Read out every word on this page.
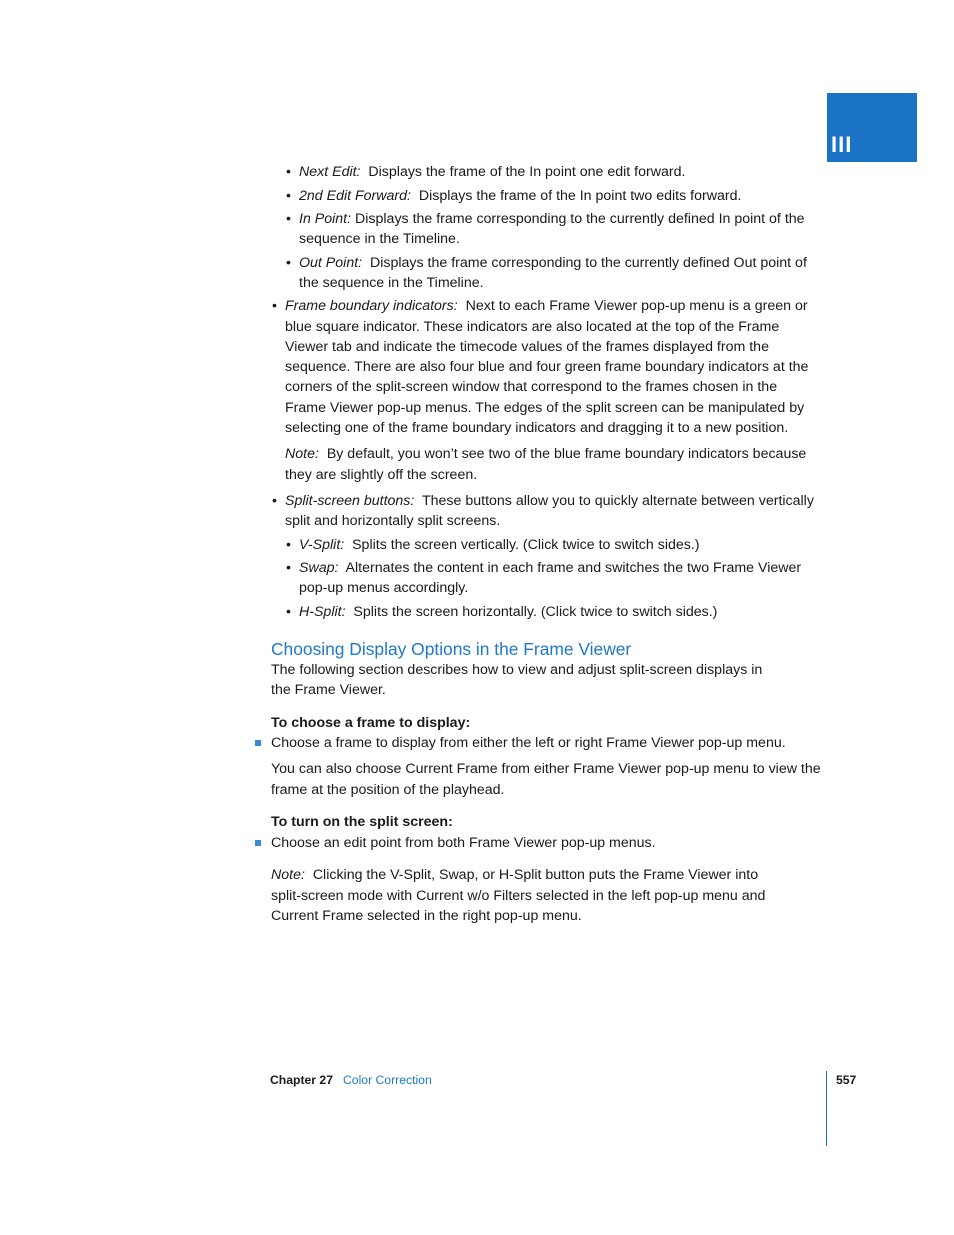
III
• Next Edit: Displays the frame of the In point one edit forward.
• 2nd Edit Forward: Displays the frame of the In point two edits forward.
• In Point: Displays the frame corresponding to the currently defined In point of the
sequence in the Timeline.
• Out Point: Displays the frame corresponding to the currently defined Out point of
the sequence in the Timeline.
• Frame boundary indicators: Next to each Frame Viewer pop-up menu is a green or
blue square indicator. These indicators are also located at the top of the Frame
Viewer tab and indicate the timecode values of the frames displayed from the
sequence. There are also four blue and four green frame boundary indicators at the
corners of the split-screen window that correspond to the frames chosen in the
Frame Viewer pop-up menus. The edges of the split screen can be manipulated by
selecting one of the frame boundary indicators and dragging it to a new position.
Note: By default, you won’t see two of the blue frame boundary indicators because
they are slightly off the screen.
• Split-screen buttons: These buttons allow you to quickly alternate between vertically
split and horizontally split screens.
• V-Split: Splits the screen vertically. (Click twice to switch sides.)
• Swap: Alternates the content in each frame and switches the two Frame Viewer
pop-up menus accordingly.
• H-Split: Splits the screen horizontally. (Click twice to switch sides.)
Choosing Display Options in the Frame Viewer
The following section describes how to view and adjust split-screen displays in
the Frame Viewer.
To choose a frame to display:
Choose a frame to display from either the left or right Frame Viewer pop-up menu.
You can also choose Current Frame from either Frame Viewer pop-up menu to view the
frame at the position of the playhead.
To turn on the split screen:
Choose an edit point from both Frame Viewer pop-up menus.
Note: Clicking the V-Split, Swap, or H-Split button puts the Frame Viewer into
split-screen mode with Current w/o Filters selected in the left pop-up menu and
Current Frame selected in the right pop-up menu.
Chapter 27 Color Correction	557
